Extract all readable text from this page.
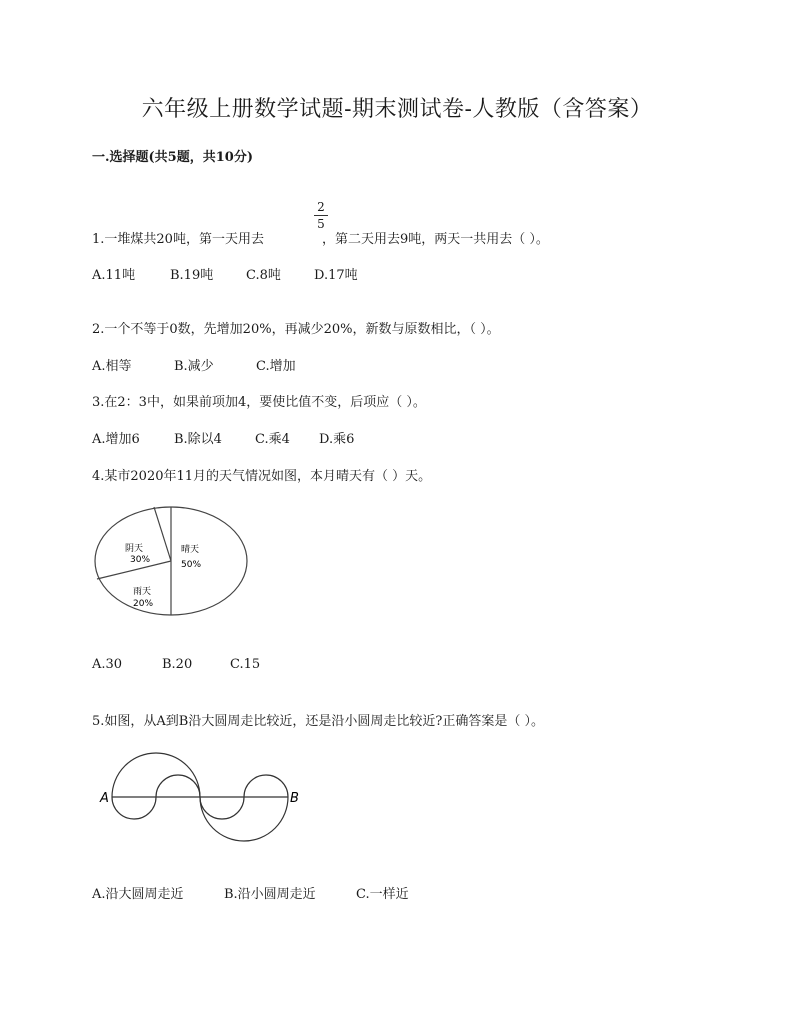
六年级上册数学试题-期末测试卷-人教版（含答案）
一.选择题(共5题，共10分)
2
5
1.一堆煤共20吨，第一天用去	，第二天用去9吨，两天一共用去（ ）。
A.11吨	B.19吨	C.8吨	D.17吨
2.一个不等于0数，先增加20%，再减少20%，新数与原数相比，（ ）。
A.相等	B.减少	C.增加
3.在2：3中，如果前项加4，要使比值不变，后项应（ ）。
A.增加6	B.除以4	C.乘4 D.乘6
4.某市2020年11月的天气情况如图，本月晴天有（ ）天。
晴天
50%
阴天
30%
雨天
20%
A.30	B.20	C.15
5.如图，从A到B沿大圆周走比较近，还是沿小圆周走比较近?正确答案是（ ）。
A	B
A.沿大圆周走近	B.沿小圆周走近	C.一样近
